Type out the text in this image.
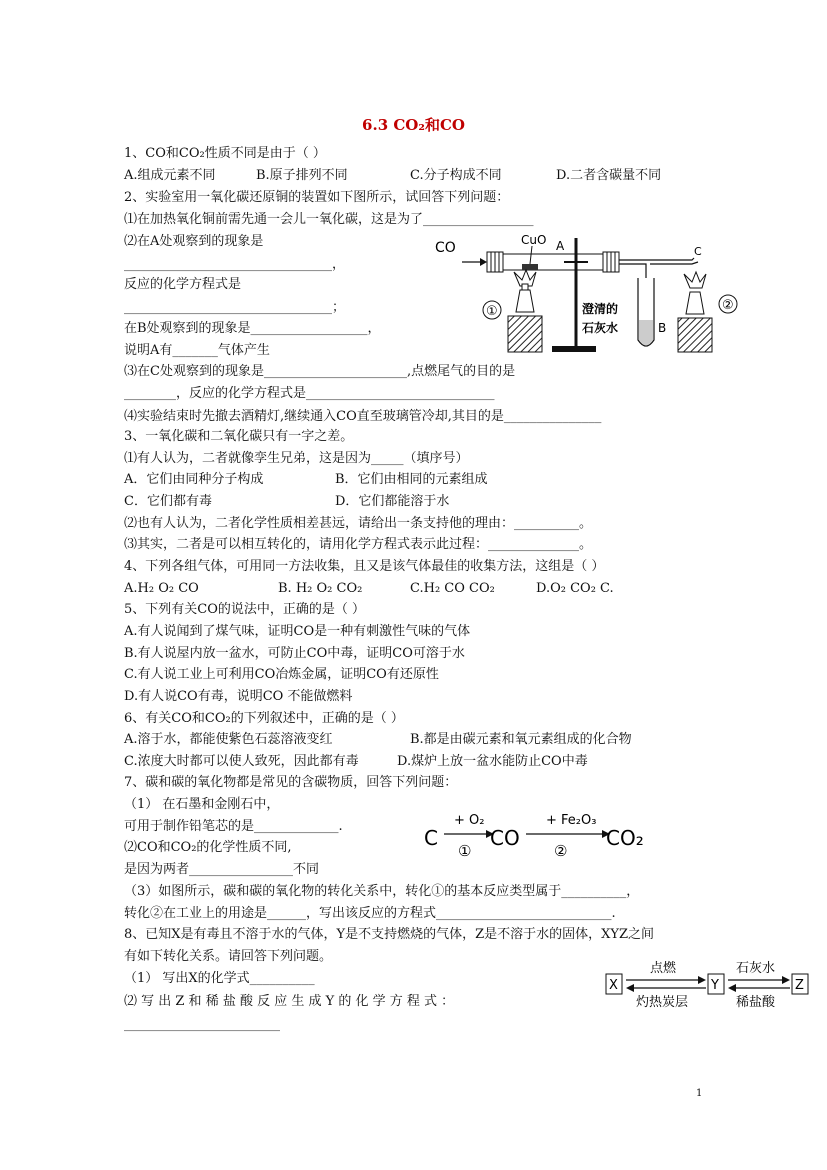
6.3 CO₂和CO
1、CO和CO₂性质不同是由于（ ）
A.组成元素不同	B.原子排列不同	C.分子构成不同	D.二者含碳量不同
2、实验室用一氧化碳还原铜的装置如下图所示，试回答下列问题：
⑴在加热氧化铜前需先通一会儿一氧化碳，这是为了_________________
⑵在A处观察到的现象是
________________________________，
反应的化学方程式是
________________________________；
在B处观察到的现象是__________________，
说明A有_______气体产生
⑶在C处观察到的现象是______________________,点燃尾气的目的是
________，反应的化学方程式是_____________________________
⑷实验结束时先撤去酒精灯,继续通入CO直至玻璃管冷却,其目的是_______________
CO	CuO A	C
①	澄清的
石灰水	B
②
3、一氧化碳和二氧化碳只有一字之差。
⑴有人认为，二者就像孪生兄弟，这是因为_____（填序号）
A．它们由同种分子构成	B．它们由相同的元素组成
C．它们都有毒	D．它们都能溶于水
⑵也有人认为，二者化学性质相差甚远，请给出一条支持他的理由：__________。
⑶其实，二者是可以相互转化的，请用化学方程式表示此过程：______________。
4、下列各组气体，可用同一方法收集，且又是该气体最佳的收集方法，这组是（ ）
A.H₂ O₂ CO	B. H₂ O₂ CO₂	C.H₂ CO CO₂	D.O₂ CO₂ C.
5、下列有关CO的说法中，正确的是（ ）
A.有人说闻到了煤气味，证明CO是一种有刺激性气味的气体
B.有人说屋内放一盆水，可防止CO中毒，证明CO可溶于水
C.有人说工业上可利用CO冶炼金属，证明CO有还原性
D.有人说CO有毒，说明CO 不能做燃料
6、有关CO和CO₂的下列叙述中，正确的是（ ）
A.溶于水，都能使紫色石蕊溶液变红	B.都是由碳元素和氧元素组成的化合物
C.浓度大时都可以使人致死，因此都有毒	D.煤炉上放一盆水能防止CO中毒
7、碳和碳的氧化物都是常见的含碳物质，回答下列问题：
（1） 在石墨和金刚石中，
可用于制作铅笔芯的是_____________.
⑵CO和CO₂的化学性质不同,
是因为两者________________不同
C
+ O₂
①
CO
+ Fe₂O₃
②
CO₂
（3）如图所示，碳和碳的氧化物的转化关系中，转化①的基本反应类型属于__________，
转化②在工业上的用途是______，写出该反应的方程式___________________________.
8、已知X是有毒且不溶于水的气体，Y是不支持燃烧的气体，Z是不溶于水的固体，XYZ之间
有如下转化关系。请回答下列问题。
（1） 写出X的化学式__________
⑵ 写 出 Z 和 稀 盐 酸 反 应 生 成 Y 的 化 学 方 程 式 ：
________________________
X
点燃
灼热炭层
Y
石灰水
稀盐酸
Z
1
